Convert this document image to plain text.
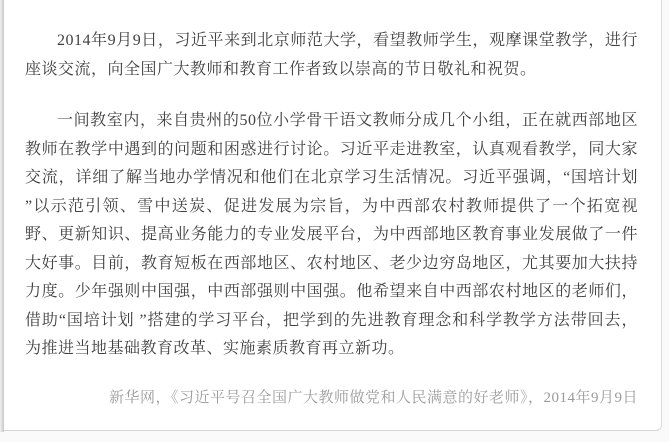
2014年9月9日，习近平来到北京师范大学，看望教师学生，观摩课堂教学，进行座谈交流，向全国广大教师和教育工作者致以崇高的节日敬礼和祝贺。

一间教室内，来自贵州的50位小学骨干语文教师分成几个小组，正在就西部地区教师在教学中遇到的问题和困惑进行讨论。习近平走进教室，认真观看教学，同大家交流，详细了解当地办学情况和他们在北京学习生活情况。习近平强调，“国培计划 ”以示范引领、雪中送炭、促进发展为宗旨，为中西部农村教师提供了一个拓宽视野、更新知识、提高业务能力的专业发展平台，为中西部地区教育事业发展做了一件大好事。目前，教育短板在西部地区、农村地区、老少边穷岛地区，尤其要加大扶持力度。少年强则中国强，中西部强则中国强。他希望来自中西部农村地区的老师们，借助“国培计划 ”搭建的学习平台，把学到的先进教育理念和科学教学方法带回去，为推进当地基础教育改革、实施素质教育再立新功。

新华网，《习近平号召全国广大教师做党和人民满意的好老师》，2014年9月9日
